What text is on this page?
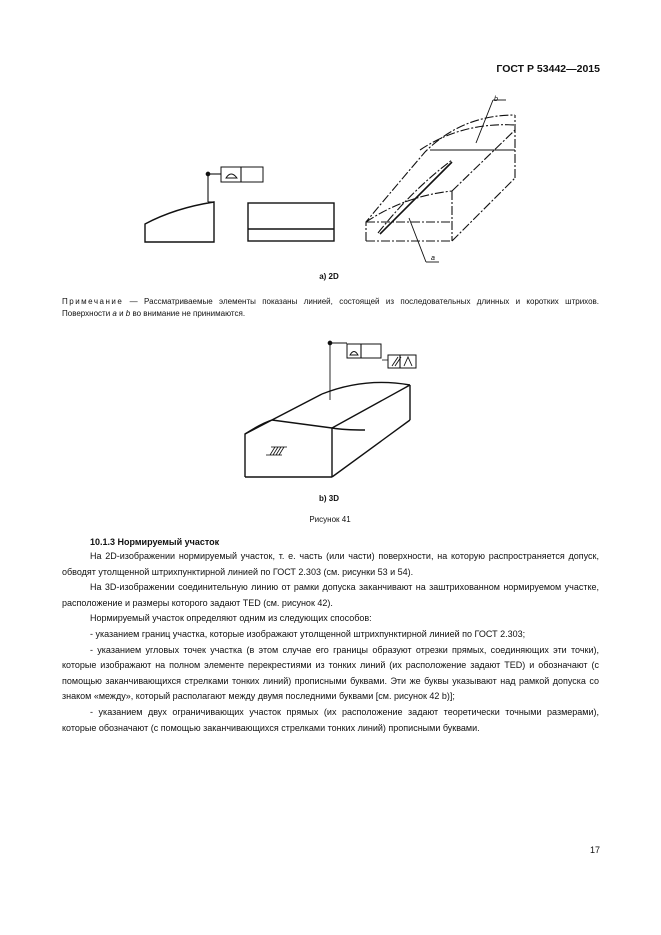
ГОСТ Р 53442—2015
b
a
a) 2D
b) 3D
Примечание — Рассматриваемые элементы показаны линией, состоящей из последовательных длинных и коротких штрихов. Поверхности a и b во внимание не принимаются.
Рисунок 41
10.1.3 Нормируемый участок

На 2D-изображении нормируемый участок, т. е. часть (или части) поверхности, на которую распространяется допуск, обводят утолщенной штрихпунктирной линией по ГОСТ 2.303 (см. рисунки 53 и 54).

На 3D-изображении соединительную линию от рамки допуска заканчивают на заштрихованном нормируемом участке, расположение и размеры которого задают TED (см. рисунок 42).

Нормируемый участок определяют одним из следующих способов:

- указанием границ участка, которые изображают утолщенной штрихпунктирной линией по ГОСТ 2.303;

- указанием угловых точек участка (в этом случае его границы образуют отрезки прямых, соединяющих эти точки), которые изображают на полном элементе перекрестиями из тонких линий (их расположение задают TED) и обозначают (с помощью заканчивающихся стрелками тонких линий) прописными буквами. Эти же буквы указывают над рамкой допуска со знаком «между», который располагают между двумя последними буквами [см. рисунок 42 b)];

- указанием двух ограничивающих участок прямых (их расположение задают теоретически точными размерами), которые обозначают (с помощью заканчивающихся стрелками тонких линий) прописными буквами.

17
